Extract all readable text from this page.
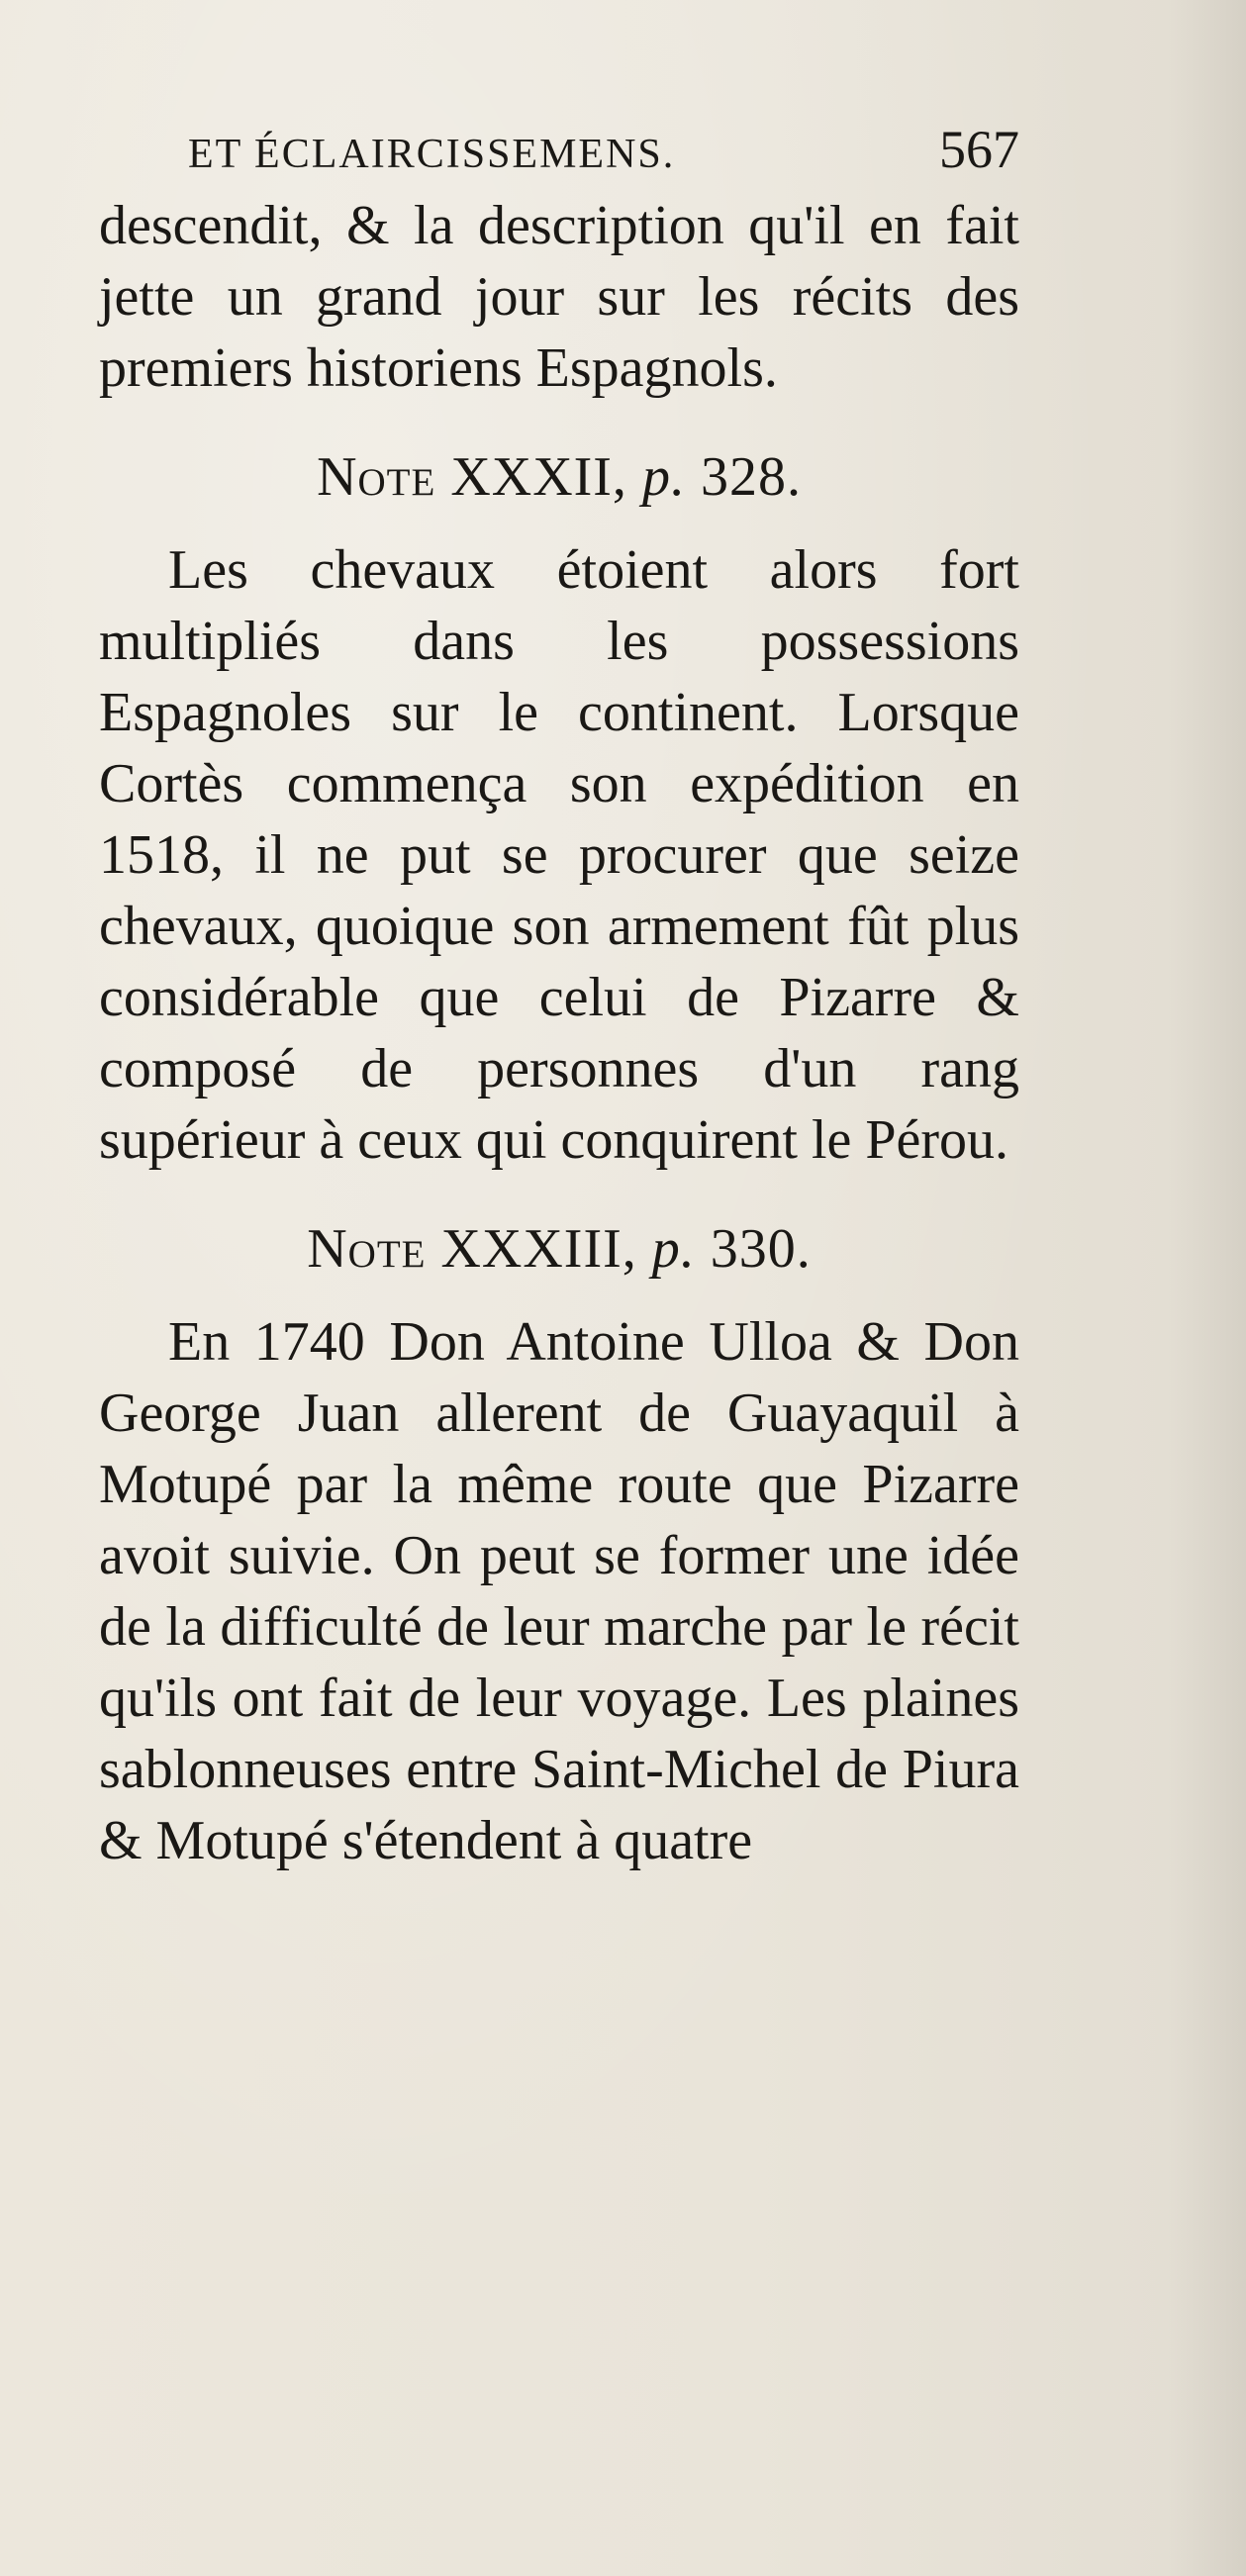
ET ÉCLAIRCISSEMENS.	567

descendit, & la description qu'il en fait jette un grand jour sur les récits des premiers historiens Espagnols.

Note XXXII, p. 328.

Les chevaux étoient alors fort multipliés dans les possessions Espagnoles sur le continent. Lorsque Cortès commença son expédition en 1518, il ne put se procurer que seize chevaux, quoique son armement fût plus considérable que celui de Pizarre & composé de personnes d'un rang supérieur à ceux qui conquirent le Pérou.

Note XXXIII, p. 330.

En 1740 Don Antoine Ulloa & Don George Juan allerent de Guayaquil à Motupé par la même route que Pizarre avoit suivie. On peut se former une idée de la difficulté de leur marche par le récit qu'ils ont fait de leur voyage. Les plaines sablonneuses entre Saint-Michel de Piura & Motupé s'étendent à quatre
